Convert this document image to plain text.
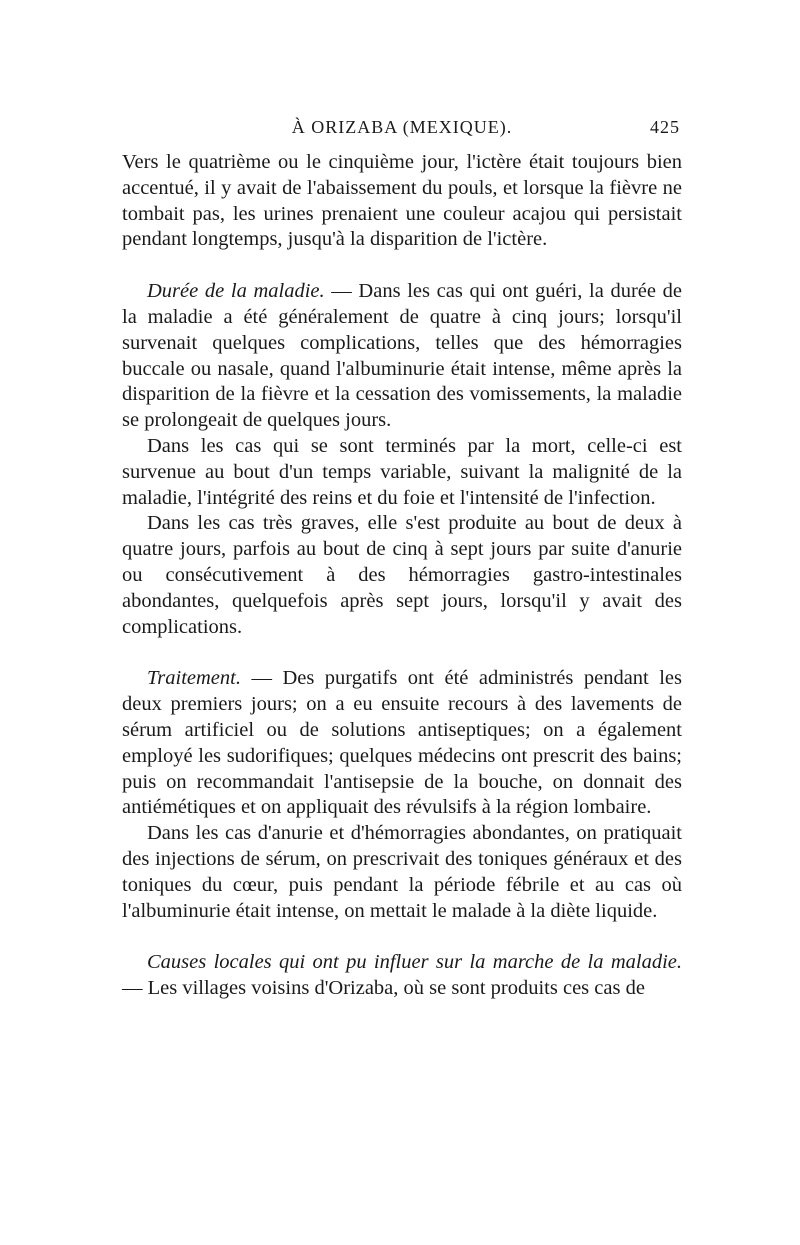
À ORIZABA (MEXIQUE).	425

Vers le quatrième ou le cinquième jour, l'ictère était toujours bien accentué, il y avait de l'abaissement du pouls, et lorsque la fièvre ne tombait pas, les urines prenaient une couleur acajou qui persistait pendant longtemps, jusqu'à la disparition de l'ictère.

Durée de la maladie. — Dans les cas qui ont guéri, la durée de la maladie a été généralement de quatre à cinq jours; lorsqu'il survenait quelques complications, telles que des hémorragies buccale ou nasale, quand l'albuminurie était intense, même après la disparition de la fièvre et la cessation des vomissements, la maladie se prolongeait de quelques jours.

Dans les cas qui se sont terminés par la mort, celle-ci est survenue au bout d'un temps variable, suivant la malignité de la maladie, l'intégrité des reins et du foie et l'intensité de l'infection.

Dans les cas très graves, elle s'est produite au bout de deux à quatre jours, parfois au bout de cinq à sept jours par suite d'anurie ou consécutivement à des hémorragies gastro-intestinales abondantes, quelquefois après sept jours, lorsqu'il y avait des complications.

Traitement. — Des purgatifs ont été administrés pendant les deux premiers jours; on a eu ensuite recours à des lavements de sérum artificiel ou de solutions antiseptiques; on a également employé les sudorifiques; quelques médecins ont prescrit des bains; puis on recommandait l'antisepsie de la bouche, on donnait des antiémétiques et on appliquait des révulsifs à la région lombaire.

Dans les cas d'anurie et d'hémorragies abondantes, on pratiquait des injections de sérum, on prescrivait des toniques généraux et des toniques du cœur, puis pendant la période fébrile et au cas où l'albuminurie était intense, on mettait le malade à la diète liquide.

Causes locales qui ont pu influer sur la marche de la maladie. — Les villages voisins d'Orizaba, où se sont produits ces cas de
